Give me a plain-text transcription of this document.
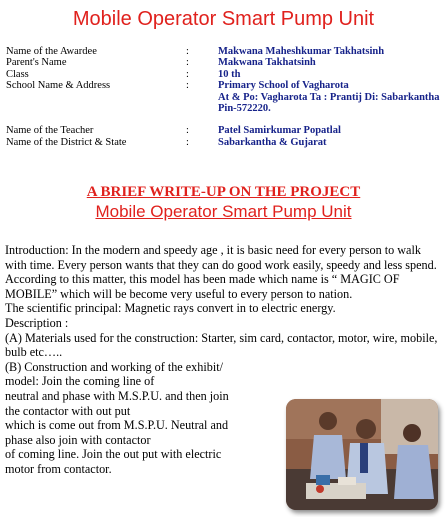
Mobile Operator Smart Pump Unit
Name of the Awardee	:	Makwana Maheshkumar Takhatsinh
Parent's Name	:	Makwana Takhatsinh
Class	:	10 th
School Name & Address	:	Primary School of Vagharota
At & Po: Vagharota Ta : Prantij Di: Sabarkantha
Pin-572220.
Name of the Teacher	:	Patel Samirkumar Popatlal
Name of the District & State	:	Sabarkantha & Gujarat
A BRIEF WRITE-UP ON THE PROJECT
Mobile Operator Smart Pump Unit

Introduction: In the modern and speedy age , it is basic need for every person to walk with time. Every person wants that they can do good work easily, speedy and less spend. According to this matter, this model has been made which name is “ MAGIC OF MOBILE” which will be become very useful to every person to nation.

The scientific principal: Magnetic rays convert in to electric energy.

Description :

(A) Materials used for the construction: Starter, sim card, contactor, motor, wire, mobile, bulb etc…..

(B) Construction and working of the exhibit/
model: Join the coming line of
neutral and phase with M.S.P.U. and then join
the contactor with out put
which is come out from M.S.P.U. Neutral and
phase also join with contactor
of coming line. Join the out put with electric
motor from contactor.
